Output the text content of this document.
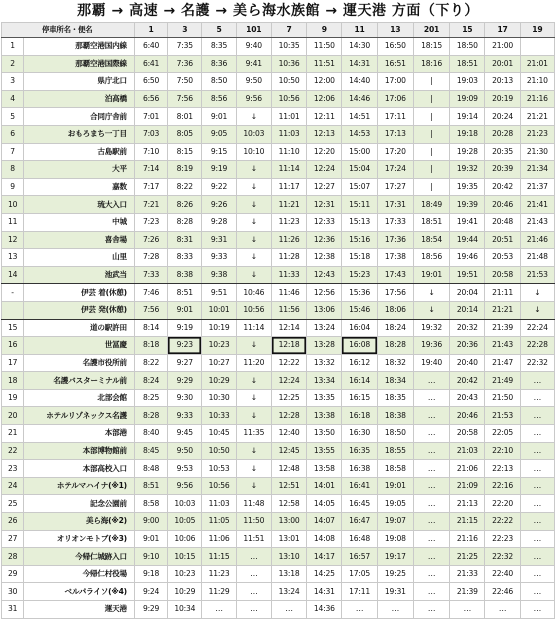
那覇 → 高速 → 名護 → 美ら海水族館 → 運天港 方面（下り）
停車所名・便名		1	3	5	101	7	9	11	13	201	15	17	19
1	那覇空港国内線	6:40	7:35	8:35	9:40	10:35	11:50	14:30	16:50	18:15	18:50	21:00	
2	那覇空港国際線	6:41	7:36	8:36	9:41	10:36	11:51	14:31	16:51	18:16	18:51	20:01	21:01
3	県庁北口	6:50	7:50	8:50	9:50	10:50	12:00	14:40	17:00	|	19:03	20:13	21:10
4	泊高橋	6:56	7:56	8:56	9:56	10:56	12:06	14:46	17:06	|	19:09	20:19	21:16
5	合同庁舎前	7:01	8:01	9:01	↓	11:01	12:11	14:51	17:11	|	19:14	20:24	21:21
6	おもろまち一丁目	7:03	8:05	9:05	10:03	11:03	12:13	14:53	17:13	|	19:18	20:28	21:23
7	古島駅前	7:10	8:15	9:15	10:10	11:10	12:20	15:00	17:20	|	19:28	20:35	21:30
8	大平	7:14	8:19	9:19	↓	11:14	12:24	15:04	17:24	|	19:32	20:39	21:34
9	嘉数	7:17	8:22	9:22	↓	11:17	12:27	15:07	17:27	|	19:35	20:42	21:37
10	琉大入口	7:21	8:26	9:26	↓	11:21	12:31	15:11	17:31	18:49	19:39	20:46	21:41
11	中城	7:23	8:28	9:28	↓	11:23	12:33	15:13	17:33	18:51	19:41	20:48	21:43
12	喜舎場	7:26	8:31	9:31	↓	11:26	12:36	15:16	17:36	18:54	19:44	20:51	21:46
13	山里	7:28	8:33	9:33	↓	11:28	12:38	15:18	17:38	18:56	19:46	20:53	21:48
14	池武当	7:33	8:38	9:38	↓	11:33	12:43	15:23	17:43	19:01	19:51	20:58	21:53
-	伊芸 着(休憩)	7:46	8:51	9:51	10:46	11:46	12:56	15:36	17:56	↓	20:04	21:11	↓
	伊芸 発(休憩)	7:56	9:01	10:01	10:56	11:56	13:06	15:46	18:06	↓	20:14	21:21	↓
15	道の駅許田	8:14	9:19	10:19	11:14	12:14	13:24	16:04	18:24	19:32	20:32	21:39	22:24
16	世冨慶	8:18	9:23	10:23	↓	12:18	13:28	16:08	18:28	19:36	20:36	21:43	22:28
17	名護市役所前	8:22	9:27	10:27	11:20	12:22	13:32	16:12	18:32	19:40	20:40	21:47	22:32
18	名護バスターミナル前	8:24	9:29	10:29	↓	12:24	13:34	16:14	18:34	…	20:42	21:49	…
19	北部会館	8:25	9:30	10:30	↓	12:25	13:35	16:15	18:35	…	20:43	21:50	…
20	ホテルリゾネックス名護	8:28	9:33	10:33	↓	12:28	13:38	16:18	18:38	…	20:46	21:53	…
21	本部港	8:40	9:45	10:45	11:35	12:40	13:50	16:30	18:50	…	20:58	22:05	…
22	本部博物館前	8:45	9:50	10:50	↓	12:45	13:55	16:35	18:55	…	21:03	22:10	…
23	本部高校入口	8:48	9:53	10:53	↓	12:48	13:58	16:38	18:58	…	21:06	22:13	…
24	ホテルマハイナ(※1)	8:51	9:56	10:56	↓	12:51	14:01	16:41	19:01	…	21:09	22:16	…
25	記念公園前	8:58	10:03	11:03	11:48	12:58	14:05	16:45	19:05	…	21:13	22:20	…
26	美ら海(※2)	9:00	10:05	11:05	11:50	13:00	14:07	16:47	19:07	…	21:15	22:22	…
27	オリオンモトブ(※3)	9:01	10:06	11:06	11:51	13:01	14:08	16:48	19:08	…	21:16	22:23	…
28	今帰仁城跡入口	9:10	10:15	11:15	…	13:10	14:17	16:57	19:17	…	21:25	22:32	…
29	今帰仁村役場	9:18	10:23	11:23	…	13:18	14:25	17:05	19:25	…	21:33	22:40	…
30	ベルパライソ(※4)	9:24	10:29	11:29	…	13:24	14:31	17:11	19:31	…	21:39	22:46	…
31	運天港	9:29	10:34	…	…	…	14:36	…	…	…	…	…	…
